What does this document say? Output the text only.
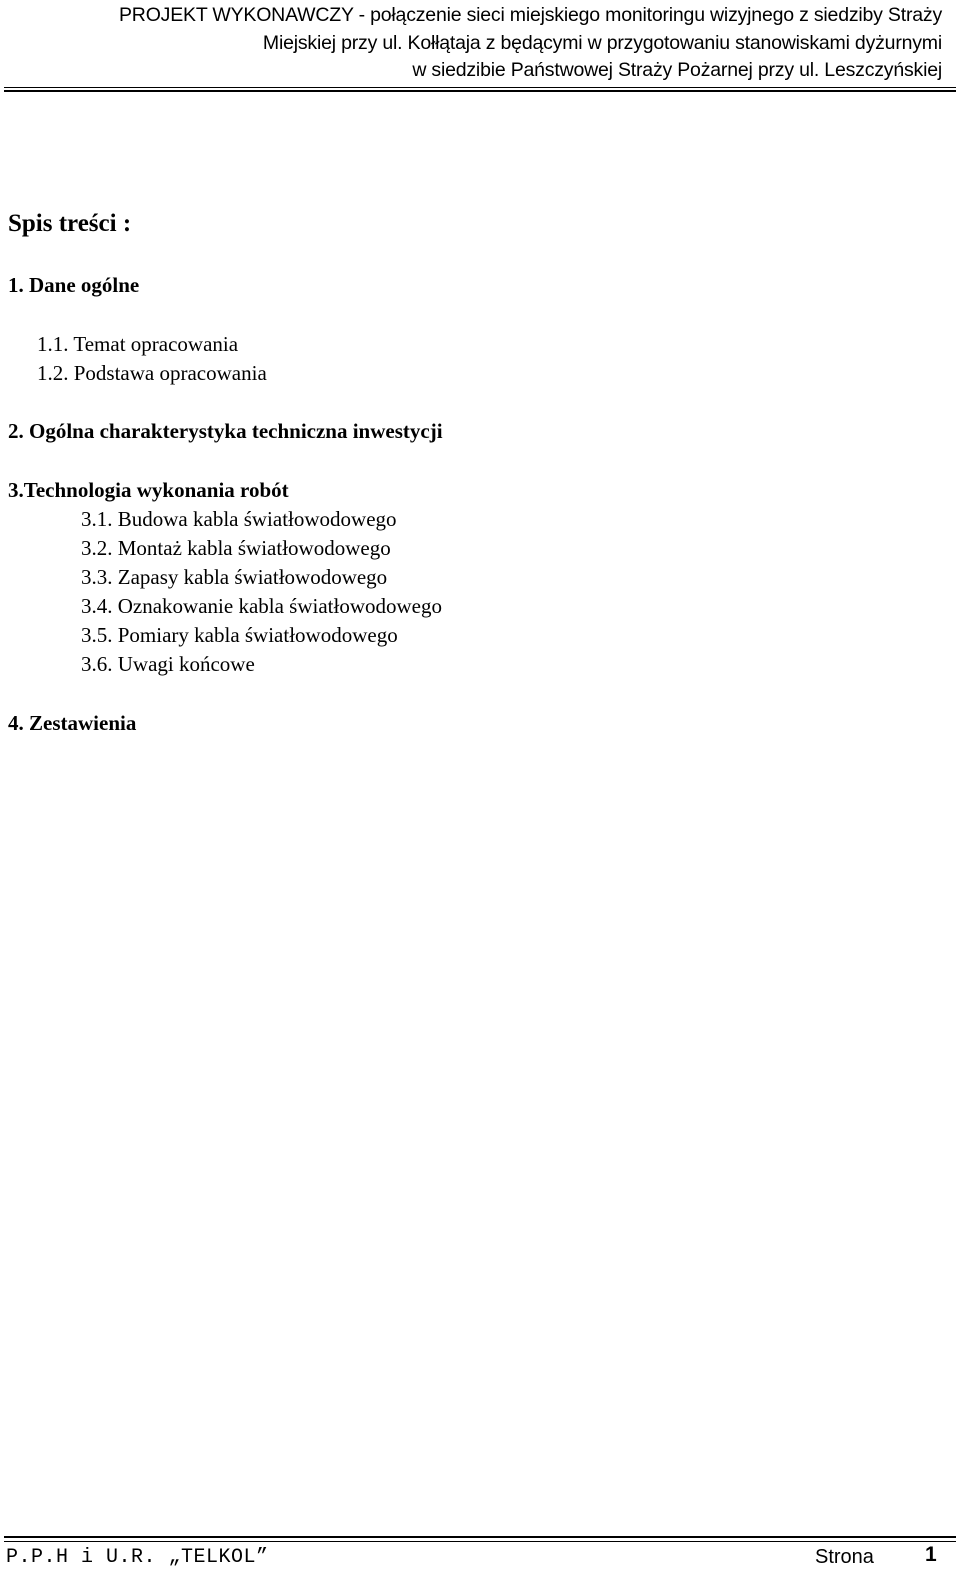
PROJEKT WYKONAWCZY - połączenie sieci miejskiego monitoringu wizyjnego z siedziby Straży
Miejskiej przy ul. Kołłątaja z będącymi w przygotowaniu stanowiskami dyżurnymi
w siedzibie Państwowej Straży Pożarnej przy ul. Leszczyńskiej
Spis treści :
1. Dane ogólne
1.1. Temat opracowania
1.2. Podstawa opracowania
2. Ogólna charakterystyka techniczna inwestycji
3.Technologia wykonania robót
3.1. Budowa kabla światłowodowego
3.2. Montaż kabla światłowodowego
3.3. Zapasy kabla światłowodowego
3.4. Oznakowanie kabla światłowodowego
3.5. Pomiary kabla światłowodowego
3.6. Uwagi końcowe
4. Zestawienia
P.P.H i U.R. „TELKOL”	Strona 1
